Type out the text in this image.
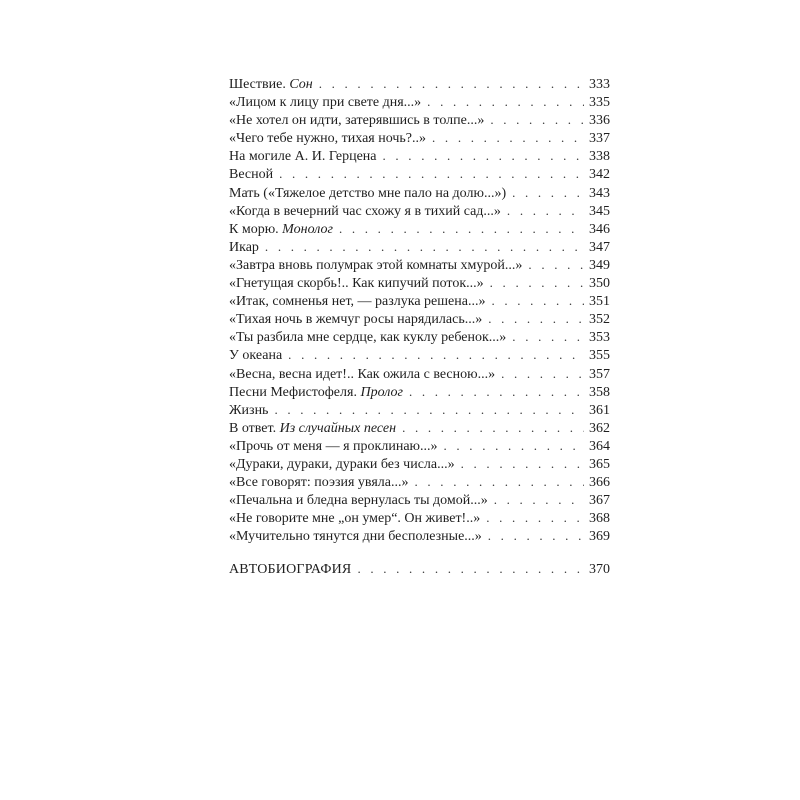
Шествие. Сон . . .	333
«Лицом к лицу при свете дня...» . . .	335
«Не хотел он идти, затерявшись в толпе...» . . .	336
«Чего тебе нужно, тихая ночь?..» . . .	337
На могиле А. И. Герцена . . .	338
Весной . . .	342
Мать («Тяжелое детство мне пало на долю...») . . .	343
«Когда в вечерний час схожу я в тихий сад...» . . .	345
К морю. Монолог . . .	346
Икар . . .	347
«Завтра вновь полумрак этой комнаты хмурой...» . . .	349
«Гнетущая скорбь!.. Как кипучий поток...» . . .	350
«Итак, сомненья нет, — разлука решена...» . . .	351
«Тихая ночь в жемчуг росы нарядилась...» . . .	352
«Ты разбила мне сердце, как куклу ребенок...» . . .	353
У океана . . .	355
«Весна, весна идет!.. Как ожила с весною...» . . .	357
Песни Мефистофеля. Пролог . . .	358
Жизнь . . .	361
В ответ. Из случайных песен . . .	362
«Прочь от меня — я проклинаю...» . . .	364
«Дураки, дураки, дураки без числа...» . . .	365
«Все говорят: поэзия увяла...» . . .	366
«Печальна и бледна вернулась ты домой...» . . .	367
«Не говорите мне „он умер“. Он живет!..» . . .	368
«Мучительно тянутся дни бесполезные...» . . .	369
АВТОБИОГРАФИЯ . . .	370
